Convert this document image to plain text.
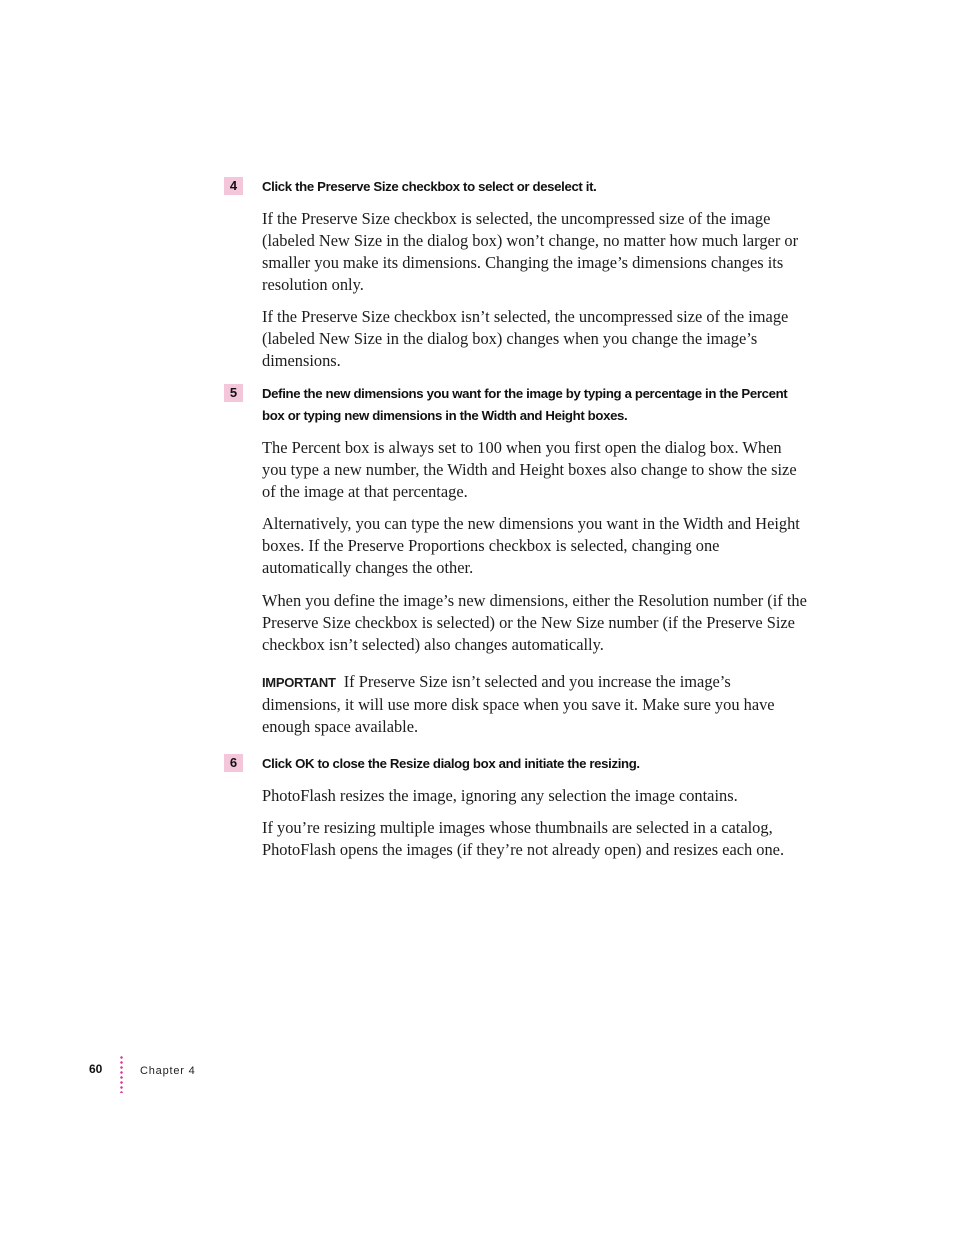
4	Click the Preserve Size checkbox to select or deselect it.
If the Preserve Size checkbox is selected, the uncompressed size of the image (labeled New Size in the dialog box) won’t change, no matter how much larger or smaller you make its dimensions. Changing the image’s dimensions changes its resolution only.
If the Preserve Size checkbox isn’t selected, the uncompressed size of the image (labeled New Size in the dialog box) changes when you change the image’s dimensions.
5	Define the new dimensions you want for the image by typing a percentage in the Percent box or typing new dimensions in the Width and Height boxes.
The Percent box is always set to 100 when you first open the dialog box. When you type a new number, the Width and Height boxes also change to show the size of the image at that percentage.
Alternatively, you can type the new dimensions you want in the Width and Height boxes. If the Preserve Proportions checkbox is selected, changing one automatically changes the other.
When you define the image’s new dimensions, either the Resolution number (if the Preserve Size checkbox is selected) or the New Size number (if the Preserve Size checkbox isn’t selected) also changes automatically.
IMPORTANT If Preserve Size isn’t selected and you increase the image’s dimensions, it will use more disk space when you save it. Make sure you have enough space available.
6	Click OK to close the Resize dialog box and initiate the resizing.
PhotoFlash resizes the image, ignoring any selection the image contains.
If you’re resizing multiple images whose thumbnails are selected in a catalog, PhotoFlash opens the images (if they’re not already open) and resizes each one.
60	Chapter 4
